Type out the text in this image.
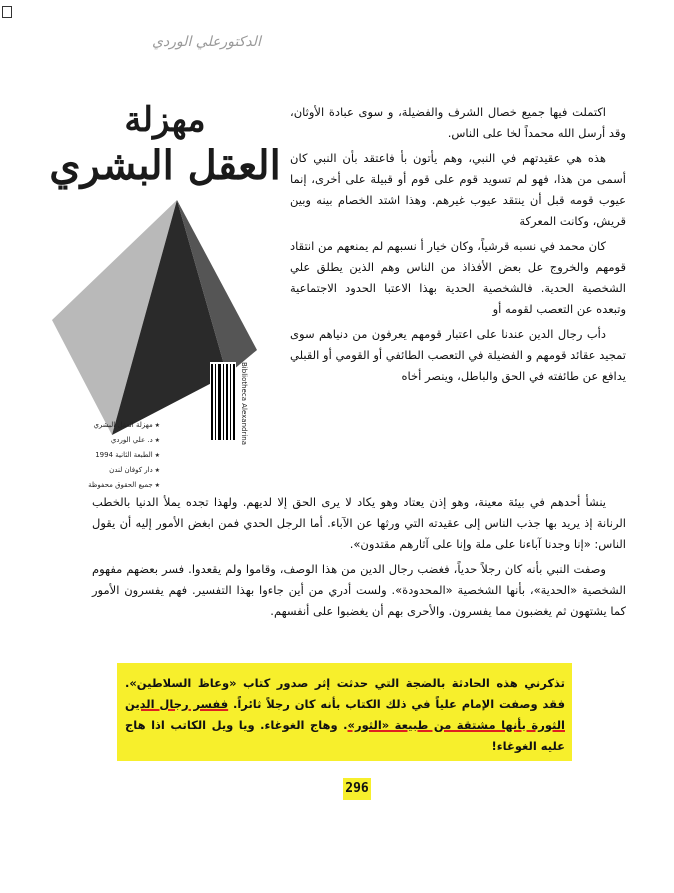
الدكتورعلي الوردي
مهزلة
العقل البشري
Bibliotheca Alexandrina
★ مهزلة العقل البشري
★ د. علي الوردي
★ الطبعة الثانية 1994
★ دار كوفان لندن
★ جميع الحقوق محفوظة

اكتملت فيها جميع خصال الشرف والفضيلة، و سوى عبادة الأوثان، وقد أرسل الله محمداً لخا على الناس.

هذه هي عقيدتهم في النبي، وهم يأتون بأ فاعتقد بأن النبي كان أسمى من هذا، فهو لم تسويد قوم على قوم أو قبيلة على أخرى، إنما عيوب قومه قبل أن ينتقد عيوب غيرهم. وهذا اشتد الخصام بينه وبين قريش، وكانت المعركة

كان محمد في نسبه قرشياً، وكان خيار أ نسبهم لم يمنعهم من انتقاد قومهم والخروج عل بعض الأفذاذ من الناس وهم الذين يطلق علي الشخصية الحدية. فالشخصية الحدية بهذا الاعتبا الحدود الاجتماعية وتبعده عن التعصب لقومه أو

دأب رجال الدين عندنا على اعتبار قومهم يعرفون من دنياهم سوى تمجيد عقائد قومهم و الفضيلة في التعصب الطائفي أو القومي أو القبلي يدافع عن طائفته في الحق والباطل، وينصر أخاه

ينشأ أحدهم في بيئة معينة، وهو إذن يعتاد وهو يكاد لا يرى الحق إلا لديهم. ولهذا تجده يملأ الدنيا بالخطب الرنانة إذ يريد بها جذب الناس إلى عقيدته التي ورثها عن الآباء. أما الرجل الحدي فمن ابغض الأمور إليه أن يقول الناس: «إنا وجدنا آباءنا على ملة وإنا على آثارهم مقتدون».

وصفت النبي بأنه كان رجلاً حدياً، فغضب رجال الدين من هذا الوصف، وقاموا ولم يقعدوا. فسر بعضهم مفهوم الشخصية «الحدية»، بأنها الشخصية «المحدودة». ولست أدري من أين جاءوا بهذا التفسير. فهم يفسرون الأمور كما يشتهون ثم يغضبون مما يفسرون. والأحرى بهم أن يغضبوا على أنفسهم.

تذكرني هذه الحادثة بالضجة التي حدثت إثر صدور كتاب «وعاظ السلاطين». فقد وصفت الإمام علياً في ذلك الكتاب بأنه كان رجلاً ثائراً. ففسر رجال الدين الثورة بأنها مشتقة من طبيعة «الثور». وهاج الغوغاء. ويا ويل الكاتب اذا هاج عليه الغوغاء!
296
